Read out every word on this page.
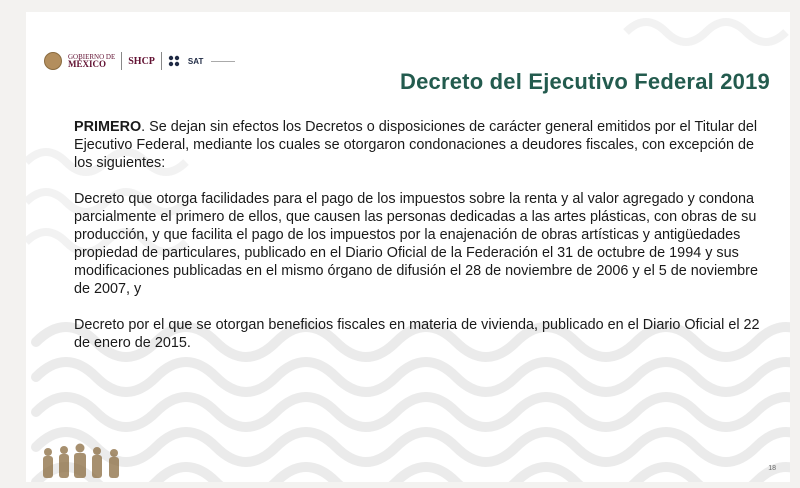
GOBIERNO DE
MÉXICO	SHCP	SAT
Decreto del Ejecutivo Federal 2019

PRIMERO. Se dejan sin efectos los Decretos o disposiciones de carácter general emitidos por el Titular del Ejecutivo Federal, mediante los cuales se otorgaron condonaciones a deudores fiscales, con excepción de los siguientes:

Decreto que otorga facilidades para el pago de los impuestos sobre la renta y al valor agregado y condona parcialmente el primero de ellos, que causen las personas dedicadas a las artes plásticas, con obras de su producción, y que facilita el pago de los impuestos por la enajenación de obras artísticas y antigüedades propiedad de particulares, publicado en el Diario Oficial de la Federación el 31 de octubre de 1994 y sus modificaciones publicadas en el mismo órgano de difusión el 28 de noviembre de 2006 y el 5 de noviembre de 2007, y

Decreto por el que se otorgan beneficios fiscales en materia de vivienda, publicado en el Diario Oficial el 22 de enero de 2015.

18
